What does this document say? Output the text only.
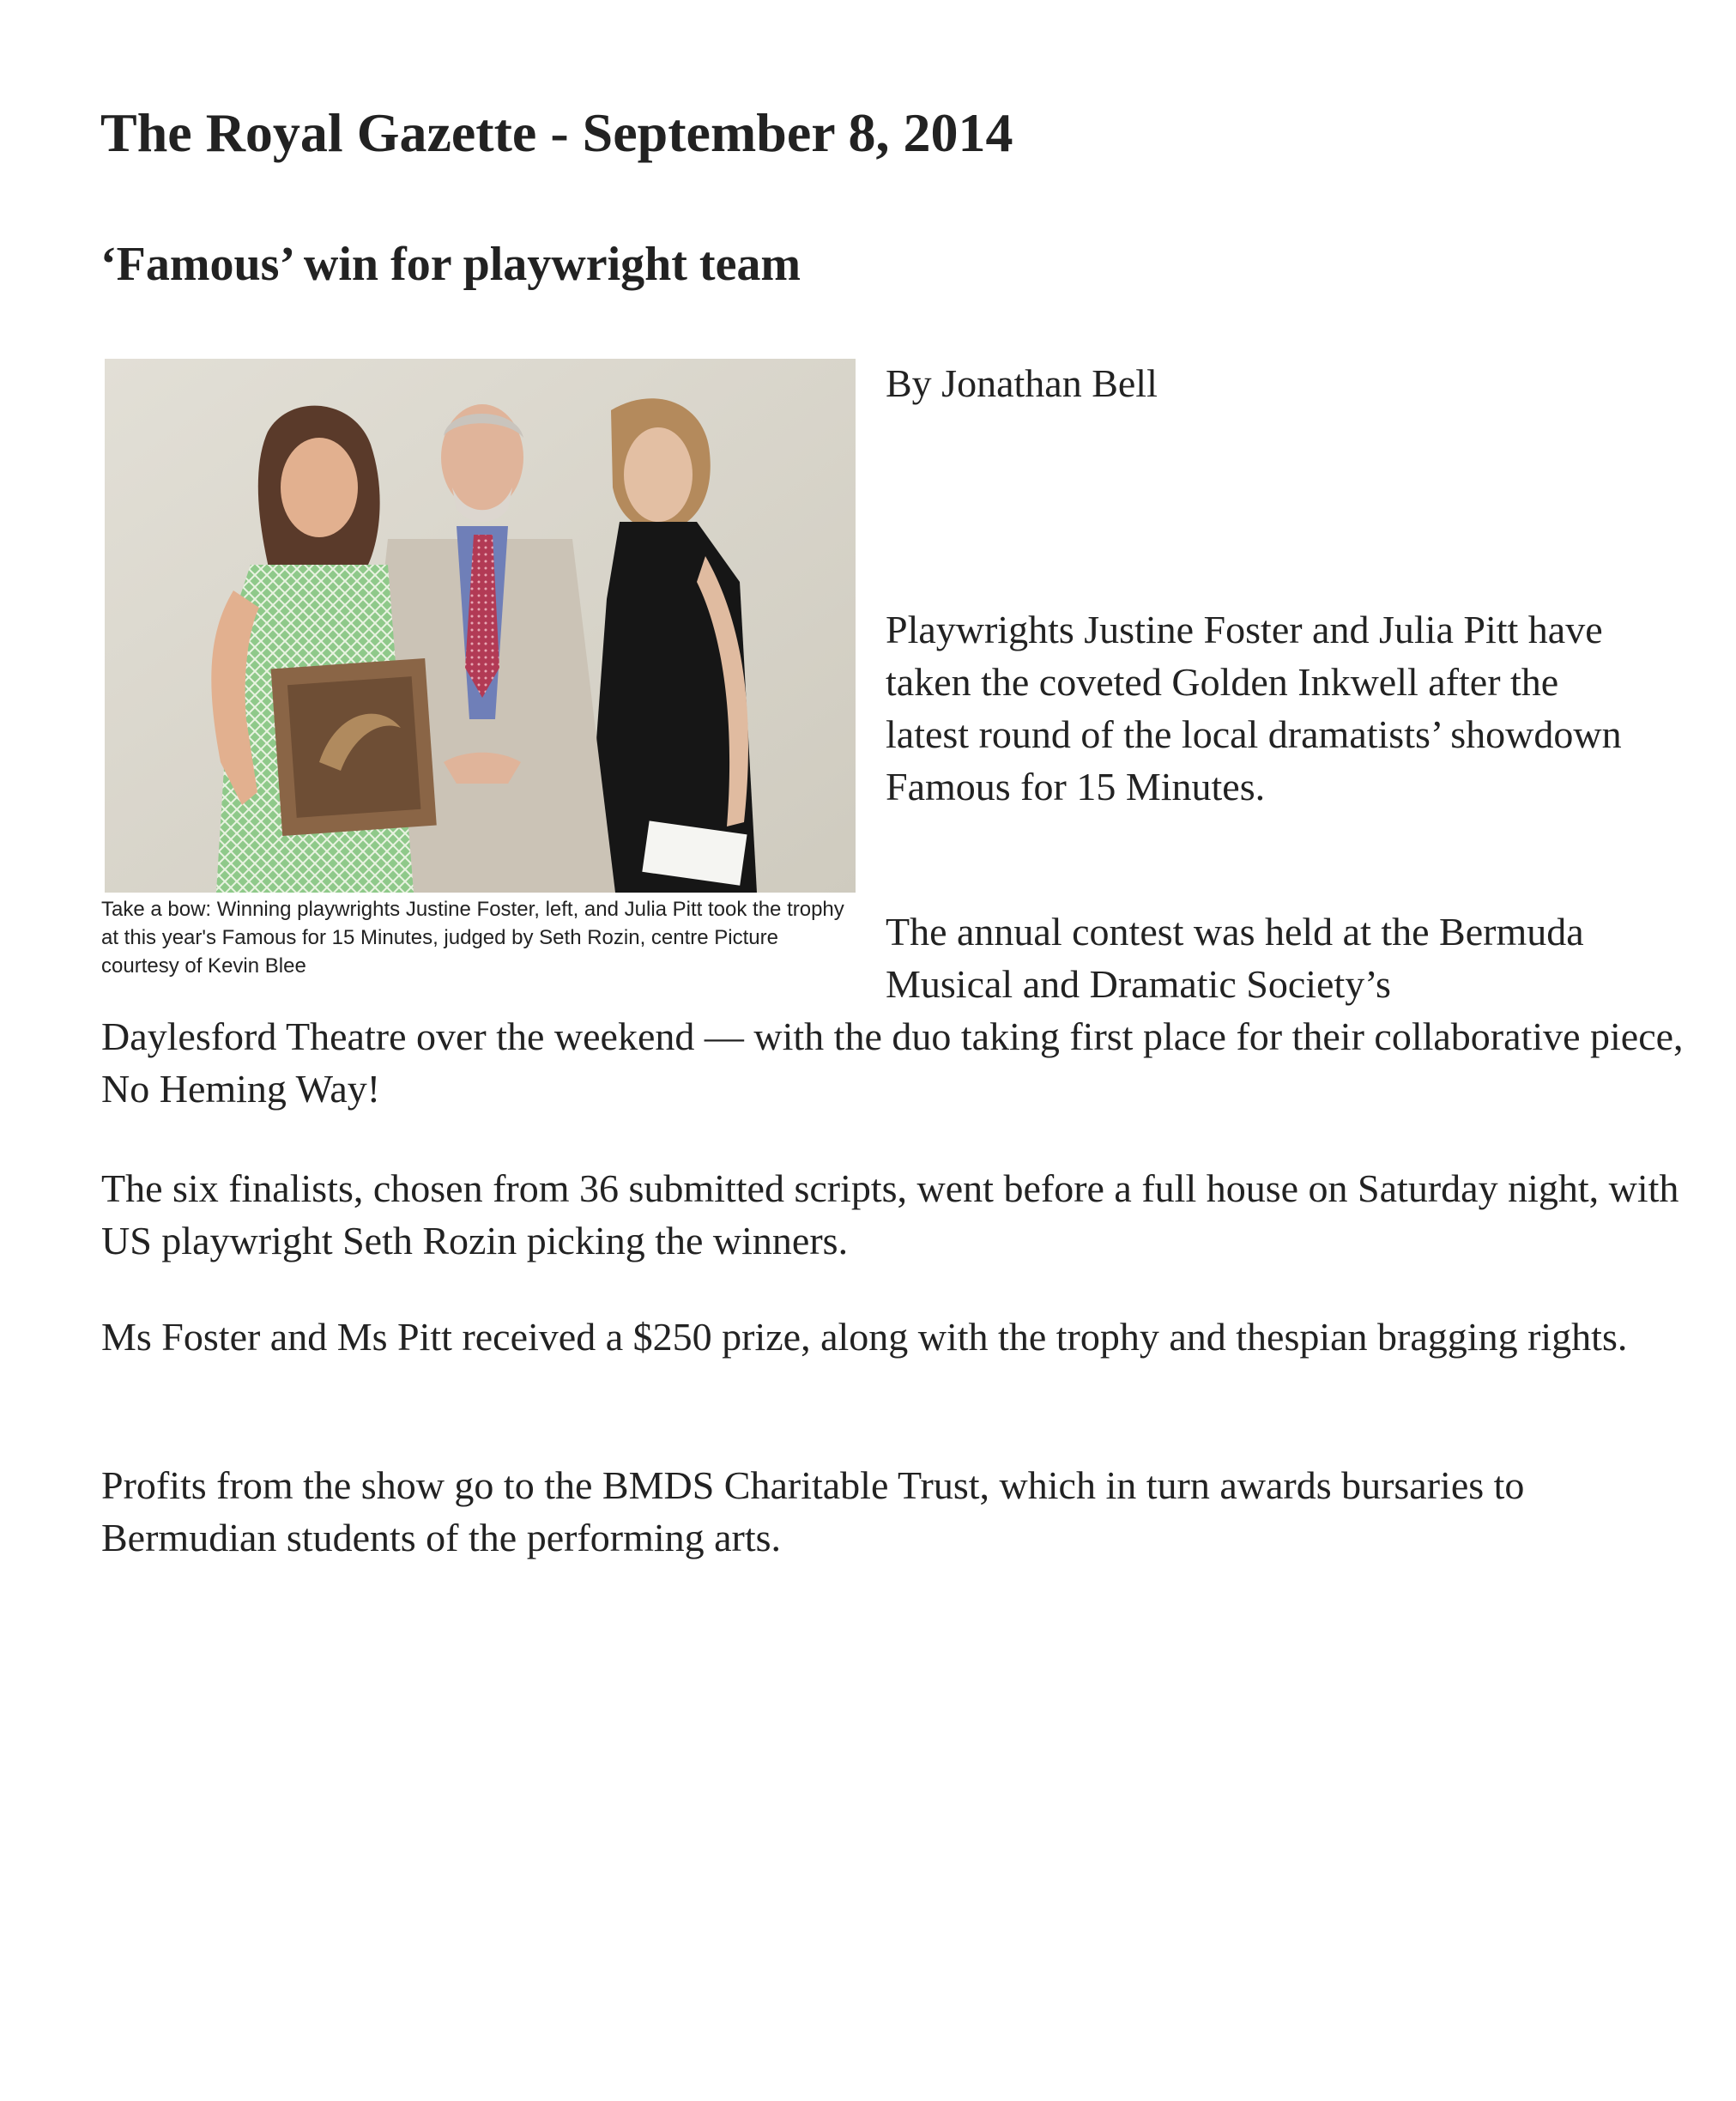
The Royal Gazette - September 8, 2014
‘Famous’ win for playwright team
Take a bow: Winning playwrights Justine Foster, left, and Julia Pitt took the trophy at this year's Famous for 15 Minutes, judged by Seth Rozin, centre Picture courtesy of Kevin Blee
By Jonathan Bell

Playwrights Justine Foster and Julia Pitt have taken the coveted Golden Inkwell after the latest round of the local dramatists’ showdown Famous for 15 Minutes.

The annual contest was held at the Bermuda Musical and Dramatic Society’s

Daylesford Theatre over the weekend — with the duo taking first place for their collaborative piece, No Heming Way!

The six finalists, chosen from 36 submitted scripts, went before a full house on Saturday night, with US playwright Seth Rozin picking the winners.

Ms Foster and Ms Pitt received a $250 prize, along with the trophy and thespian bragging rights.

Profits from the show go to the BMDS Charitable Trust, which in turn awards bursaries to Bermudian students of the performing arts.
